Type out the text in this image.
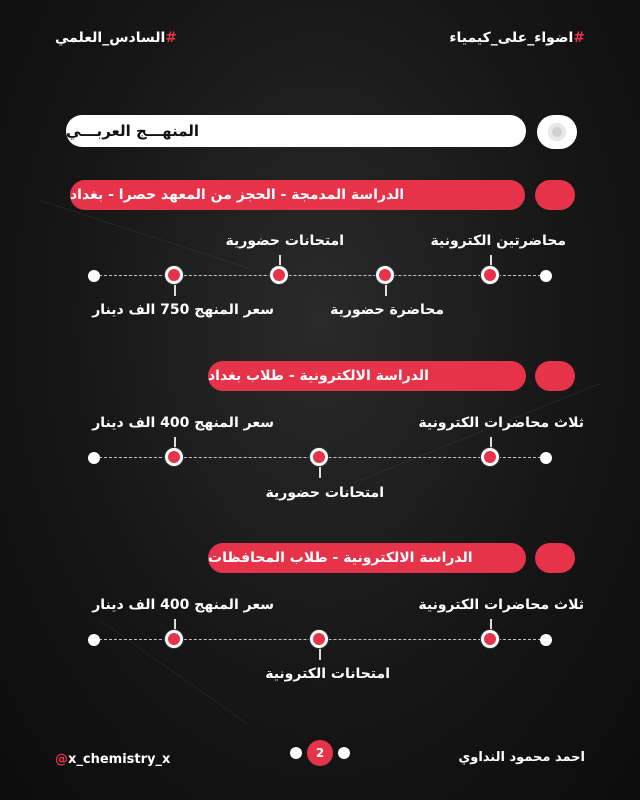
#السادس_العلمي	#اضواء_على_كيمياء
المنهـــج العربـــي
الدراسة المدمجة - الحجز من المعهد حصرا - بغداد
محاضرتين الكترونية
امتحانات حضورية
محاضرة حضورية
سعر المنهج 750 الف دينار
الدراسة الالكترونية - طلاب بغداد
ثلاث محاضرات الكترونية
سعر المنهج 400 الف دينار
امتحانات حضورية
الدراسة الالكترونية - طلاب المحافظات
ثلاث محاضرات الكترونية
سعر المنهج 400 الف دينار
امتحانات الكترونية
@x_chemistry_x	2	احمد محمود النداوي
